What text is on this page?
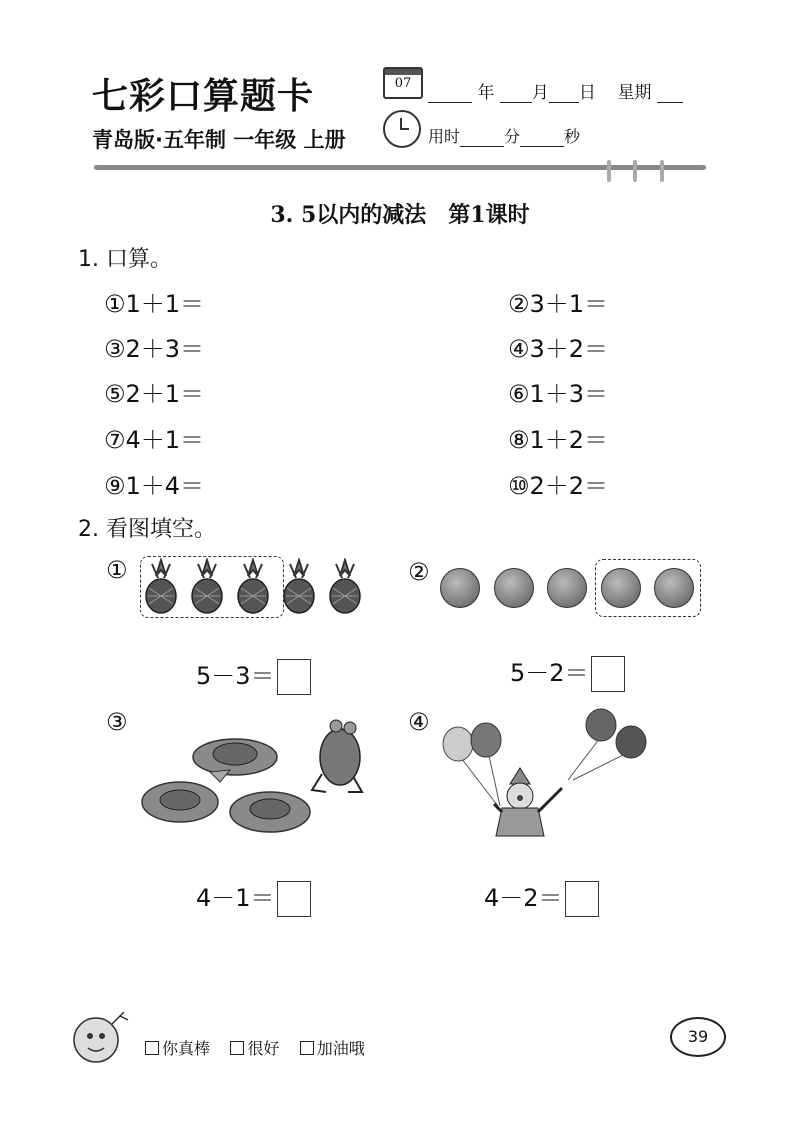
七彩口算题卡	07	年 月 日 星期
青岛版·五年制 一年级 上册	用时	分	秒
3. 5以内的减法　第1课时
1. 口算。
①1＋1＝	②3＋1＝
③2＋3＝	④3＋2＝
⑤2＋1＝	⑥1＋3＝
⑦4＋1＝	⑧1＋2＝
⑨1＋4＝	⑩2＋2＝
2. 看图填空。
①
5－3＝
②
5－2＝
③
4－1＝
④
4－2＝
你真棒 很好 加油哦
39
